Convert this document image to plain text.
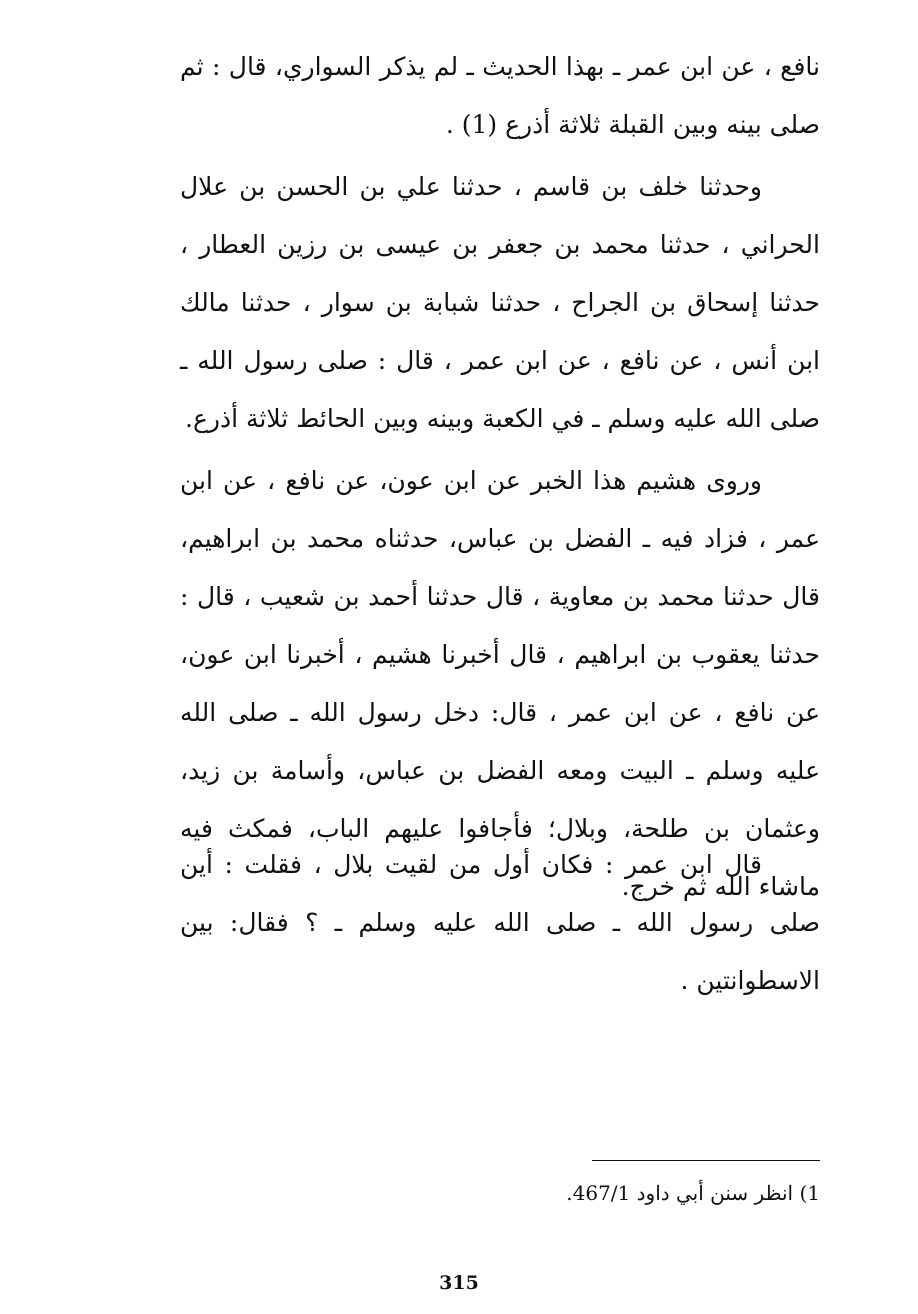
نافع ، عن ابن عمر ـ بهذا الحديث ـ لم يذكر السواري، قال : ثم صلى بينه وبين القبلة ثلاثة أذرع (1) .

وحدثنا خلف بن قاسم ، حدثنا علي بن الحسن بن علال الحراني ، حدثنا محمد بن جعفر بن عيسى بن رزين العطار ، حدثنا إسحاق بن الجراح ، حدثنا شبابة بن سوار ، حدثنا مالك ابن أنس ، عن نافع ، عن ابن عمر ، قال : صلى رسول الله ـ صلى الله عليه وسلم ـ في الكعبة وبينه وبين الحائط ثلاثة أذرع.

وروى هشيم هذا الخبر عن ابن عون، عن نافع ، عن ابن عمر ، فزاد فيه ـ الفضل بن عباس، حدثناه محمد بن ابراهيم، قال حدثنا محمد بن معاوية ، قال حدثنا أحمد بن شعيب ، قال : حدثنا يعقوب بن ابراهيم ، قال أخبرنا هشيم ، أخبرنا ابن عون، عن نافع ، عن ابن عمر ، قال: دخل رسول الله ـ صلى الله عليه وسلم ـ البيت ومعه الفضل بن عباس، وأسامة بن زيد، وعثمان بن طلحة، وبلال؛ فأجافوا عليهم الباب، فمكث فيه ماشاء الله ثم خرج.

قال ابن عمر : فكان أول من لقيت بلال ، فقلت : أين صلى رسول الله ـ صلى الله عليه وسلم ـ ؟ فقال: بين الاسطوانتين .

1) انظر سنن أبي داود 467/1.
315
